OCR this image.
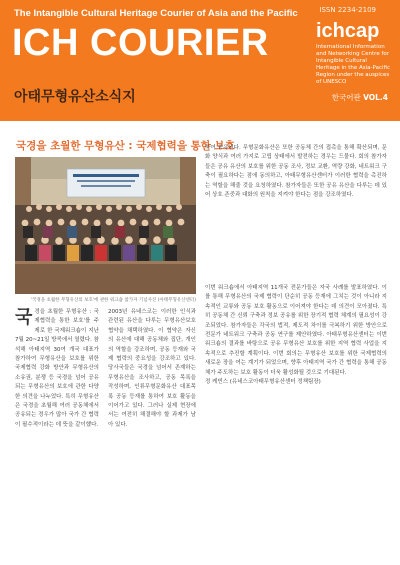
ISSN 2234-2109
The Intangible Cultural Heritage Courier of Asia and the Pacific
ICH COURIER
아태무형유산소식지
ichcap
International Information and Networking Centre for Intangible Cultural Heritage in the Asia-Pacific Region under the auspices of UNESCO
한국어판 VOL.4
국경을 초월한 무형유산 : 국제협력을 통한 보호
'국경을 초월한 무형유산의 보호'에 관한 워크숍 참가자 기념사진 (아태무형유산센터)

국경을 초월한 무형유산 : 국제협력을 통한 보호'를 주제로 한 국제워크숍이 지난 7월 20~21일 방콕에서 열렸다. 참석해 아태지역 30여 개국 대표가 참가하여 무형유산을 보호를 위한 국제협력 강화 방안과 무형유산의 소유권, 분쟁 등 국경을 넘어 공유되는 무형유산의 보호에 관한 다양한 의견을 나누었다. 특히 무형유산은 국경을 초월해 여러 공동체에서 공유되는 경우가 많아 국가 간 협력이 필수적이라는 데 뜻을 같이했다.

2003년 유네스코는 이러한 인식과 관련된 유산을 다루는 무형유산보호협약을 채택하였다. 이 협약은 자신의 유산에 대해 공동체와 집단, 개인의 역할을 강조하며, 공동 등재와 국제 협력의 중요성을 강조하고 있다. 당사국들은 국경을 넘어서 존재하는 무형유산을 조사하고, 공동 목록을 작성하며, 인류무형문화유산 대표목록 공동 등재를 통하여 보호 활동을 이어가고 있다. 그러나 실제 현장에서는 여전히 해결해야 할 과제가 남아 있다.

하여 공유된다. 무형문화유산은 또한 공동체 간의 접촉을 통해 확산되며, 문화 양식과 여러 가지로 고립 상태에서 발전하는 경우는 드물다. 회의 참가자들은 공유 유산의 보호를 위한 공동 조사, 정보 교환, 역량 강화, 네트워크 구축이 필요하다는 점에 동의하고, 아태무형유산센터가 이러한 협력을 촉진하는 역할을 해줄 것을 요청하였다. 참가자들은 또한 공유 유산을 다루는 데 있어 상호 존중과 대화의 원칙을 지켜야 한다는 점을 강조하였다.

이번 워크숍에서 아태지역 11개국 전문가들은 자국 사례를 발표하였다. 이를 통해 무형유산의 국제 협력이 단순히 공동 등재에 그치는 것이 아니라 지속적인 교류와 공동 보호 활동으로 이어져야 한다는 데 의견이 모아졌다. 특히 공동체 간 신뢰 구축과 정보 공유를 위한 장기적 협력 체계의 필요성이 강조되었다. 참가자들은 각국의 법적, 제도적 차이를 극복하기 위한 방안으로 전문가 네트워크 구축과 공동 연구를 제안하였다. 아태무형유산센터는 이번 워크숍의 결과를 바탕으로 공유 무형유산 보호를 위한 지역 협력 사업을 지속적으로 추진할 계획이다. 이번 회의는 무형유산 보호를 위한 국제협력의 새로운 장을 여는 계기가 되었으며, 향후 아태지역 국가 간 협력을 통해 공동체가 주도하는 보호 활동이 더욱 활성화될 것으로 기대된다.
정 케빈스 (유네스코아태무형유산센터 정책팀장)
